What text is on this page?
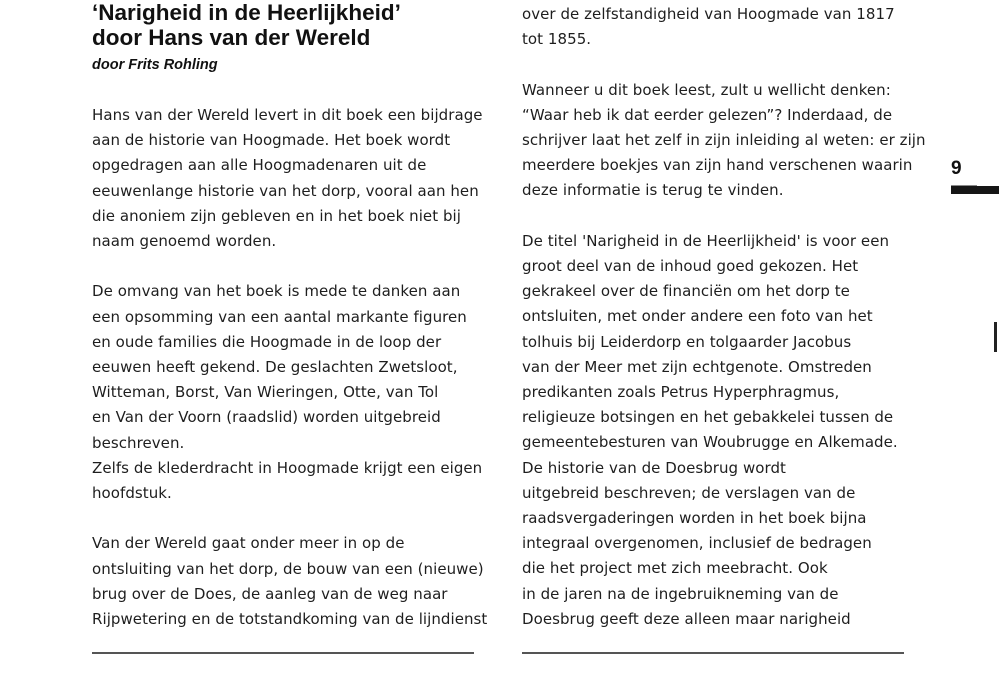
‘Narigheid in de Heerlijkheid’
door Hans van der Wereld
door Frits Rohling
Hans van der Wereld levert in dit boek een bijdrage
aan de historie van Hoogmade. Het boek wordt
opgedragen aan alle Hoogmadenaren uit de
eeuwenlange historie van het dorp, vooral aan hen
die anoniem zijn gebleven en in het boek niet bij
naam genoemd worden.
De omvang van het boek is mede te danken aan
een opsomming van een aantal markante figuren
en oude families die Hoogmade in de loop der
eeuwen heeft gekend. De geslachten Zwetsloot,
Witteman, Borst, Van Wieringen, Otte, van Tol
en Van der Voorn (raadslid) worden uitgebreid
beschreven.
Zelfs de klederdracht in Hoogmade krijgt een eigen
hoofdstuk.
Van der Wereld gaat onder meer in op de
ontsluiting van het dorp, de bouw van een (nieuwe)
brug over de Does, de aanleg van de weg naar
Rijpwetering en de totstandkoming van de lijndienst
over de zelfstandigheid van Hoogmade van 1817
tot 1855.
Wanneer u dit boek leest, zult u wellicht denken:
“Waar heb ik dat eerder gelezen”? Inderdaad, de
schrijver laat het zelf in zijn inleiding al weten: er zijn
meerdere boekjes van zijn hand verschenen waarin
deze informatie is terug te vinden.
De titel 'Narigheid in de Heerlijkheid' is voor een
groot deel van de inhoud goed gekozen. Het
gekrakeel over de financiën om het dorp te
ontsluiten, met onder andere een foto van het
tolhuis bij Leiderdorp en tolgaarder Jacobus
van der Meer met zijn echtgenote. Omstreden
predikanten zoals Petrus Hyperphragmus,
religieuze botsingen en het gebakkelei tussen de
gemeentebesturen van Woubrugge en Alkemade.
De historie van de Doesbrug wordt
uitgebreid beschreven; de verslagen van de
raadsvergaderingen worden in het boek bijna
integraal overgenomen, inclusief de bedragen
die het project met zich meebracht. Ook
in de jaren na de ingebruikneming van de
Doesbrug geeft deze alleen maar narigheid
9
